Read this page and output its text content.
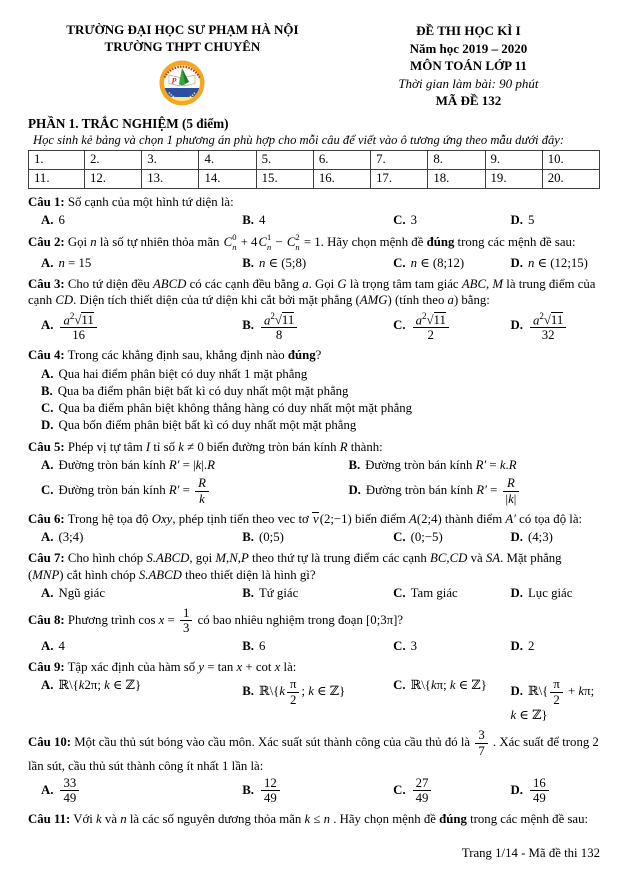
TRƯỜNG ĐẠI HỌC SƯ PHẠM HÀ NỘI
TRƯỜNG THPT CHUYÊN
P
ĐỀ THI HỌC KÌ I
Năm học 2019 – 2020
MÔN TOÁN LỚP 11
Thời gian làm bài: 90 phút
MÃ ĐỀ 132
PHẦN 1. TRẮC NGHIỆM (5 điểm)
Học sinh kẻ bảng và chọn 1 phương án phù hợp cho mỗi câu để viết vào ô tương ứng theo mẫu dưới đây:
1.	2.	3.	4.	5.	6.	7.	8.	9.	10.
11.	12.	13.	14.	15.	16.	17.	18.	19.	20.
Câu 1: Số cạnh của một hình tứ diện là:
A. 6	B. 4	C. 3	D. 5
Câu 2: Gọi n là số tự nhiên thỏa mãn C 0
n + 4C 1
n − C 2
n = 1. Hãy chọn mệnh đề đúng trong các mệnh đề sau:
A. n = 15	B. n ∈ (5;8)	C. n ∈ (8;12)	D. n ∈ (12;15)
Câu 3: Cho tứ diện đều ABCD có các cạnh đều bằng a. Gọi G là trọng tâm tam giác ABC, M là trung điểm của cạnh CD. Diện tích thiết diện của tứ diện khi cắt bởi mặt phẳng (AMG) (tính theo a) bằng:
A. $\frac{a^2 √ 11}{16}$	B. $\frac{a^2 √ 11}{8}$	C. $\frac{a^2 √ 11}{2}$	D. $\frac{a^2 √ 11}{32}$
Câu 4: Trong các khẳng định sau, khẳng định nào đúng?
A. Qua hai điểm phân biệt có duy nhất 1 mặt phẳng
B. Qua ba điểm phân biệt bất kì có duy nhất một mặt phẳng
C. Qua ba điểm phân biệt không thẳng hàng có duy nhất một mặt phẳng
D. Qua bốn điểm phân biệt bất kì có duy nhất một mặt phẳng
Câu 5: Phép vị tự tâm I tỉ số k ≠ 0 biến đường tròn bán kính R thành:
A. Đường tròn bán kính R′ = |k|.R	B. Đường tròn bán kính R′ = k.R
C. Đường tròn bán kính $R' = \frac{R}{k}$	D. Đường tròn bán kính $R' = \frac{R}{|k|}$
Câu 6: Trong hệ tọa độ Oxy, phép tịnh tiến theo vec tơ v(2;−1) biến điểm A(2;4) thành điểm A′ có tọa độ là:
A. (3;4)	B. (0;5)	C. (0;−5)	D. (4;3)
Câu 7: Cho hình chóp S.ABCD, gọi M,N,P theo thứ tự là trung điểm các cạnh BC,CD và SA. Mặt phẳng (MNP) cắt hình chóp S.ABCD theo thiết diện là hình gì?
A. Ngũ giác	B. Tứ giác	C. Tam giác	D. Lục giác
Câu 8: Phương trình $\cos x = \frac{1}{3}$ có bao nhiêu nghiệm trong đoạn [0;3π]?
A. 4	B. 6	C. 3	D. 2
Câu 9: Tập xác định của hàm số y = tan x + cot x là:
A. ℝ\{k2π; k ∈ ℤ}	B. ℝ\{k $\frac{\pi}{2}$ ; k ∈ ℤ}	C. ℝ\{kπ; k ∈ ℤ}	D. ℝ\{ $\frac{\pi}{2} + k\pi$; k ∈ ℤ}
Câu 10: Một cầu thủ sút bóng vào cầu môn. Xác suất sút thành công của cầu thủ đó là $\frac{3}{7}$ . Xác suất để trong 2 lần sút, cầu thủ sút thành công ít nhất 1 lần là:
A. $\frac{33}{49}$	B. $\frac{12}{49}$	C. $\frac{27}{49}$	D. $\frac{16}{49}$
Câu 11: Với k và n là các số nguyên dương thỏa mãn k ≤ n . Hãy chọn mệnh đề đúng trong các mệnh đề sau:
Trang 1/14 - Mã đề thi 132
